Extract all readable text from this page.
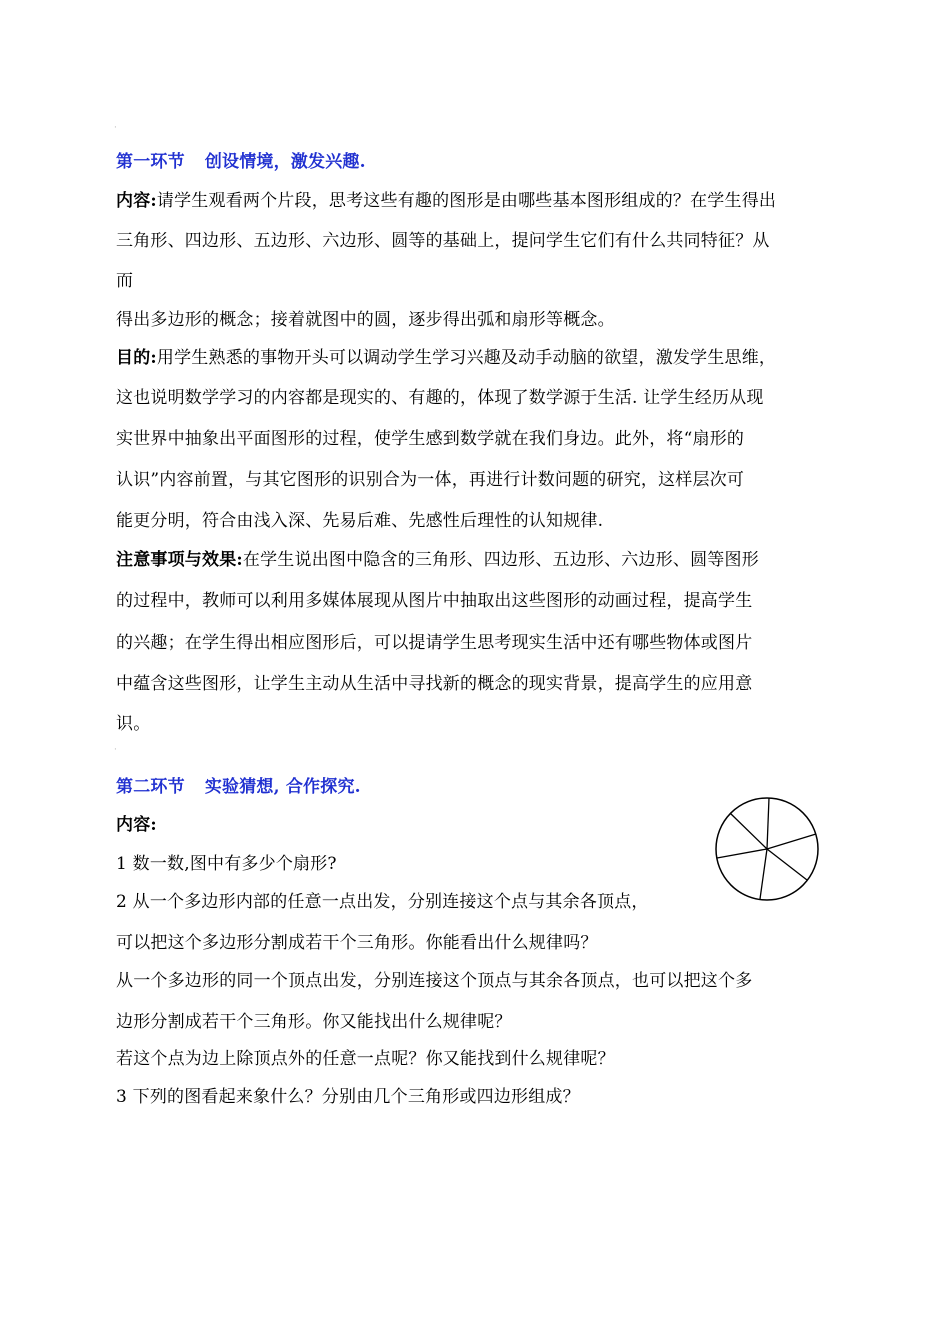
·
第一环节 创设情境，激发兴趣.
内容:请学生观看两个片段，思考这些有趣的图形是由哪些基本图形组成的？在学生得出
三角形、四边形、五边形、六边形、圆等的基础上，提问学生它们有什么共同特征？从
而
得出多边形的概念；接着就图中的圆，逐步得出弧和扇形等概念。
目的:用学生熟悉的事物开头可以调动学生学习兴趣及动手动脑的欲望，激发学生思维，
这也说明数学学习的内容都是现实的、有趣的，体现了数学源于生活. 让学生经历从现
实世界中抽象出平面图形的过程，使学生感到数学就在我们身边。此外，将“扇形的
认识”内容前置，与其它图形的识别合为一体，再进行计数问题的研究，这样层次可
能更分明，符合由浅入深、先易后难、先感性后理性的认知规律.
注意事项与效果:在学生说出图中隐含的三角形、四边形、五边形、六边形、圆等图形
的过程中，教师可以利用多媒体展现从图片中抽取出这些图形的动画过程，提高学生
的兴趣；在学生得出相应图形后，可以提请学生思考现实生活中还有哪些物体或图片
中蕴含这些图形，让学生主动从生活中寻找新的概念的现实背景，提高学生的应用意
识。
·
第二环节 实验猜想, 合作探究.
内容:
1 数一数,图中有多少个扇形?
2 从一个多边形内部的任意一点出发，分别连接这个点与其余各顶点，
可以把这个多边形分割成若干个三角形。你能看出什么规律吗？
从一个多边形的同一个顶点出发，分别连接这个顶点与其余各顶点，也可以把这个多
边形分割成若干个三角形。你又能找出什么规律呢？
若这个点为边上除顶点外的任意一点呢？你又能找到什么规律呢？
3 下列的图看起来象什么？分别由几个三角形或四边形组成？
